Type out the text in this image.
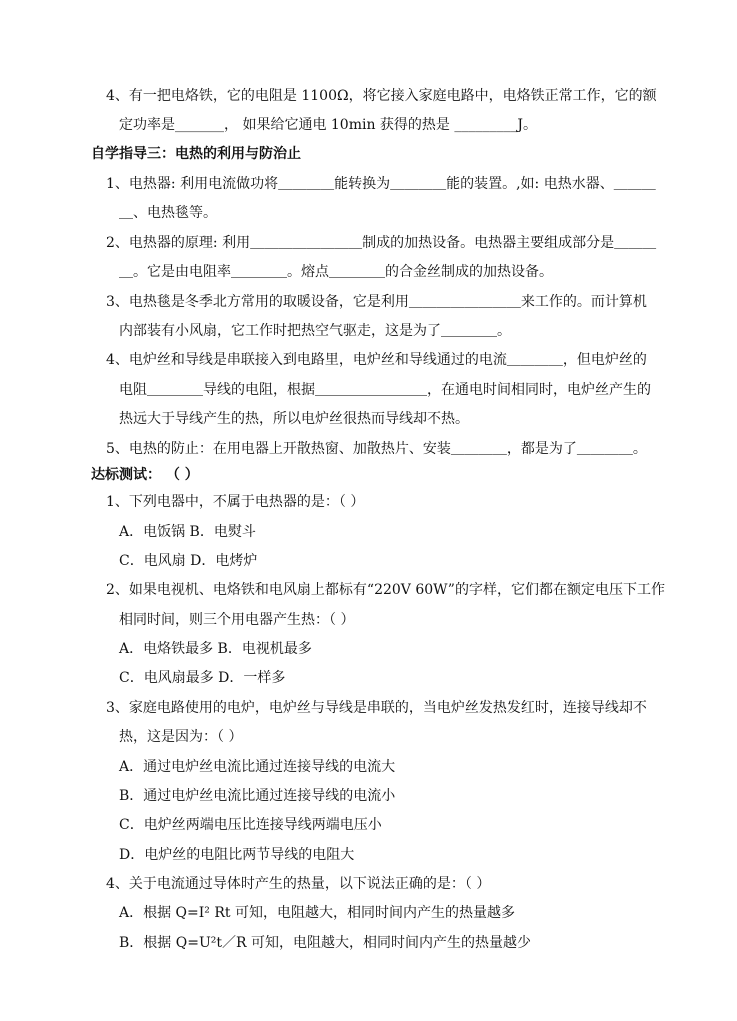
4、有一把电烙铁，它的电阻是 1100Ω，将它接入家庭电路中，电烙铁正常工作，它的额
定功率是_______， 如果给它通电 10min 获得的热是 _________J。
自学指导三：电热的利用与防治止
1、电热器: 利用电流做功将＿＿＿＿能转换为＿＿＿＿能的装置。,如: 电热水器、＿＿＿
＿、电热毯等。
2、电热器的原理: 利用＿＿＿＿＿＿＿＿制成的加热设备。电热器主要组成部分是＿＿＿
＿。它是由电阻率＿＿＿＿。熔点＿＿＿＿的合金丝制成的加热设备。
3、电热毯是冬季北方常用的取暖设备，它是利用＿＿＿＿＿＿＿＿来工作的。而计算机
内部装有小风扇，它工作时把热空气驱走，这是为了＿＿＿＿。
4、电炉丝和导线是串联接入到电路里，电炉丝和导线通过的电流＿＿＿＿，但电炉丝的
电阻＿＿＿＿导线的电阻，根据＿＿＿＿＿＿＿＿，在通电时间相同时，电炉丝产生的
热远大于导线产生的热，所以电炉丝很热而导线却不热。
5、电热的防止：在用电器上开散热窗、加散热片、安装＿＿＿＿，都是为了＿＿＿＿。
达标测试： （ ）
1、下列电器中，不属于电热器的是：（ ）
A．电饭锅 B．电熨斗
C．电风扇 D．电烤炉
2、如果电视机、电烙铁和电风扇上都标有“220V 60W”的字样，它们都在额定电压下工作
相同时间，则三个用电器产生热：（ ）
A．电烙铁最多 B．电视机最多
C．电风扇最多 D．一样多
3、家庭电路使用的电炉，电炉丝与导线是串联的，当电炉丝发热发红时，连接导线却不
热，这是因为：（ ）
A．通过电炉丝电流比通过连接导线的电流大
B．通过电炉丝电流比通过连接导线的电流小
C．电炉丝两端电压比连接导线两端电压小
D．电炉丝的电阻比两节导线的电阻大
4、关于电流通过导体时产生的热量，以下说法正确的是：（ ）
A．根据 Q=I² Rt 可知，电阻越大，相同时间内产生的热量越多
B．根据 Q=U²t／R 可知，电阻越大，相同时间内产生的热量越少
